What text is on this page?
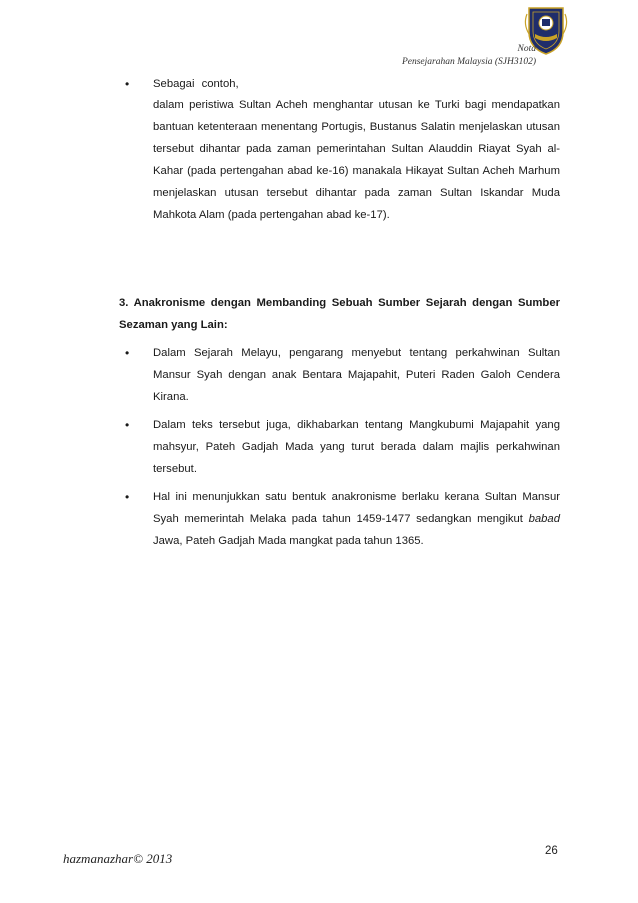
Nota
Pensejarahan Malaysia (SJH3102)
• Sebagai contoh,
dalam peristiwa Sultan Acheh menghantar utusan ke Turki bagi mendapatkan bantuan ketenteraan menentang Portugis, Bustanus Salatin menjelaskan utusan tersebut dihantar pada zaman pemerintahan Sultan Alauddin Riayat Syah al-Kahar (pada pertengahan abad ke-16) manakala Hikayat Sultan Acheh Marhum menjelaskan utusan tersebut dihantar pada zaman Sultan Iskandar Muda Mahkota Alam (pada pertengahan abad ke-17).
3. Anakronisme dengan Membanding Sebuah Sumber Sejarah dengan Sumber Sezaman yang Lain:
• Dalam Sejarah Melayu, pengarang menyebut tentang perkahwinan Sultan Mansur Syah dengan anak Bentara Majapahit, Puteri Raden Galoh Cendera Kirana.
• Dalam teks tersebut juga, dikhabarkan tentang Mangkubumi Majapahit yang mahsyur, Pateh Gadjah Mada yang turut berada dalam majlis perkahwinan tersebut.
• Hal ini menunjukkan satu bentuk anakronisme berlaku kerana Sultan Mansur Syah memerintah Melaka pada tahun 1459-1477 sedangkan mengikut babad Jawa, Pateh Gadjah Mada mangkat pada tahun 1365.
hazmanazhar© 2013	26
